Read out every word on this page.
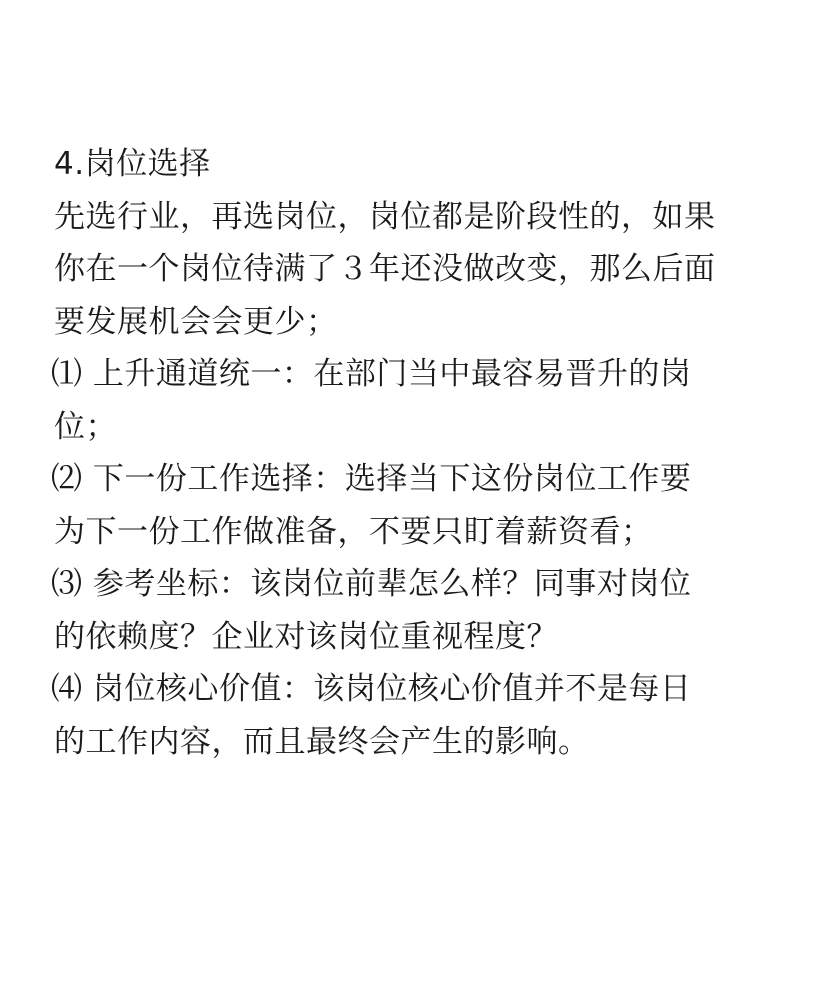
4.岗位选择
先选行业，再选岗位，岗位都是阶段性的，如果
你在一个岗位待满了３年还没做改变，那么后面
要发展机会会更少；
⑴ 上升通道统一：在部门当中最容易晋升的岗
位；
⑵ 下一份工作选择：选择当下这份岗位工作要
为下一份工作做准备，不要只盯着薪资看；
⑶ 参考坐标：该岗位前辈怎么样？同事对岗位
的依赖度？企业对该岗位重视程度？
⑷ 岗位核心价值：该岗位核心价值并不是每日
的工作内容，而且最终会产生的影响。
